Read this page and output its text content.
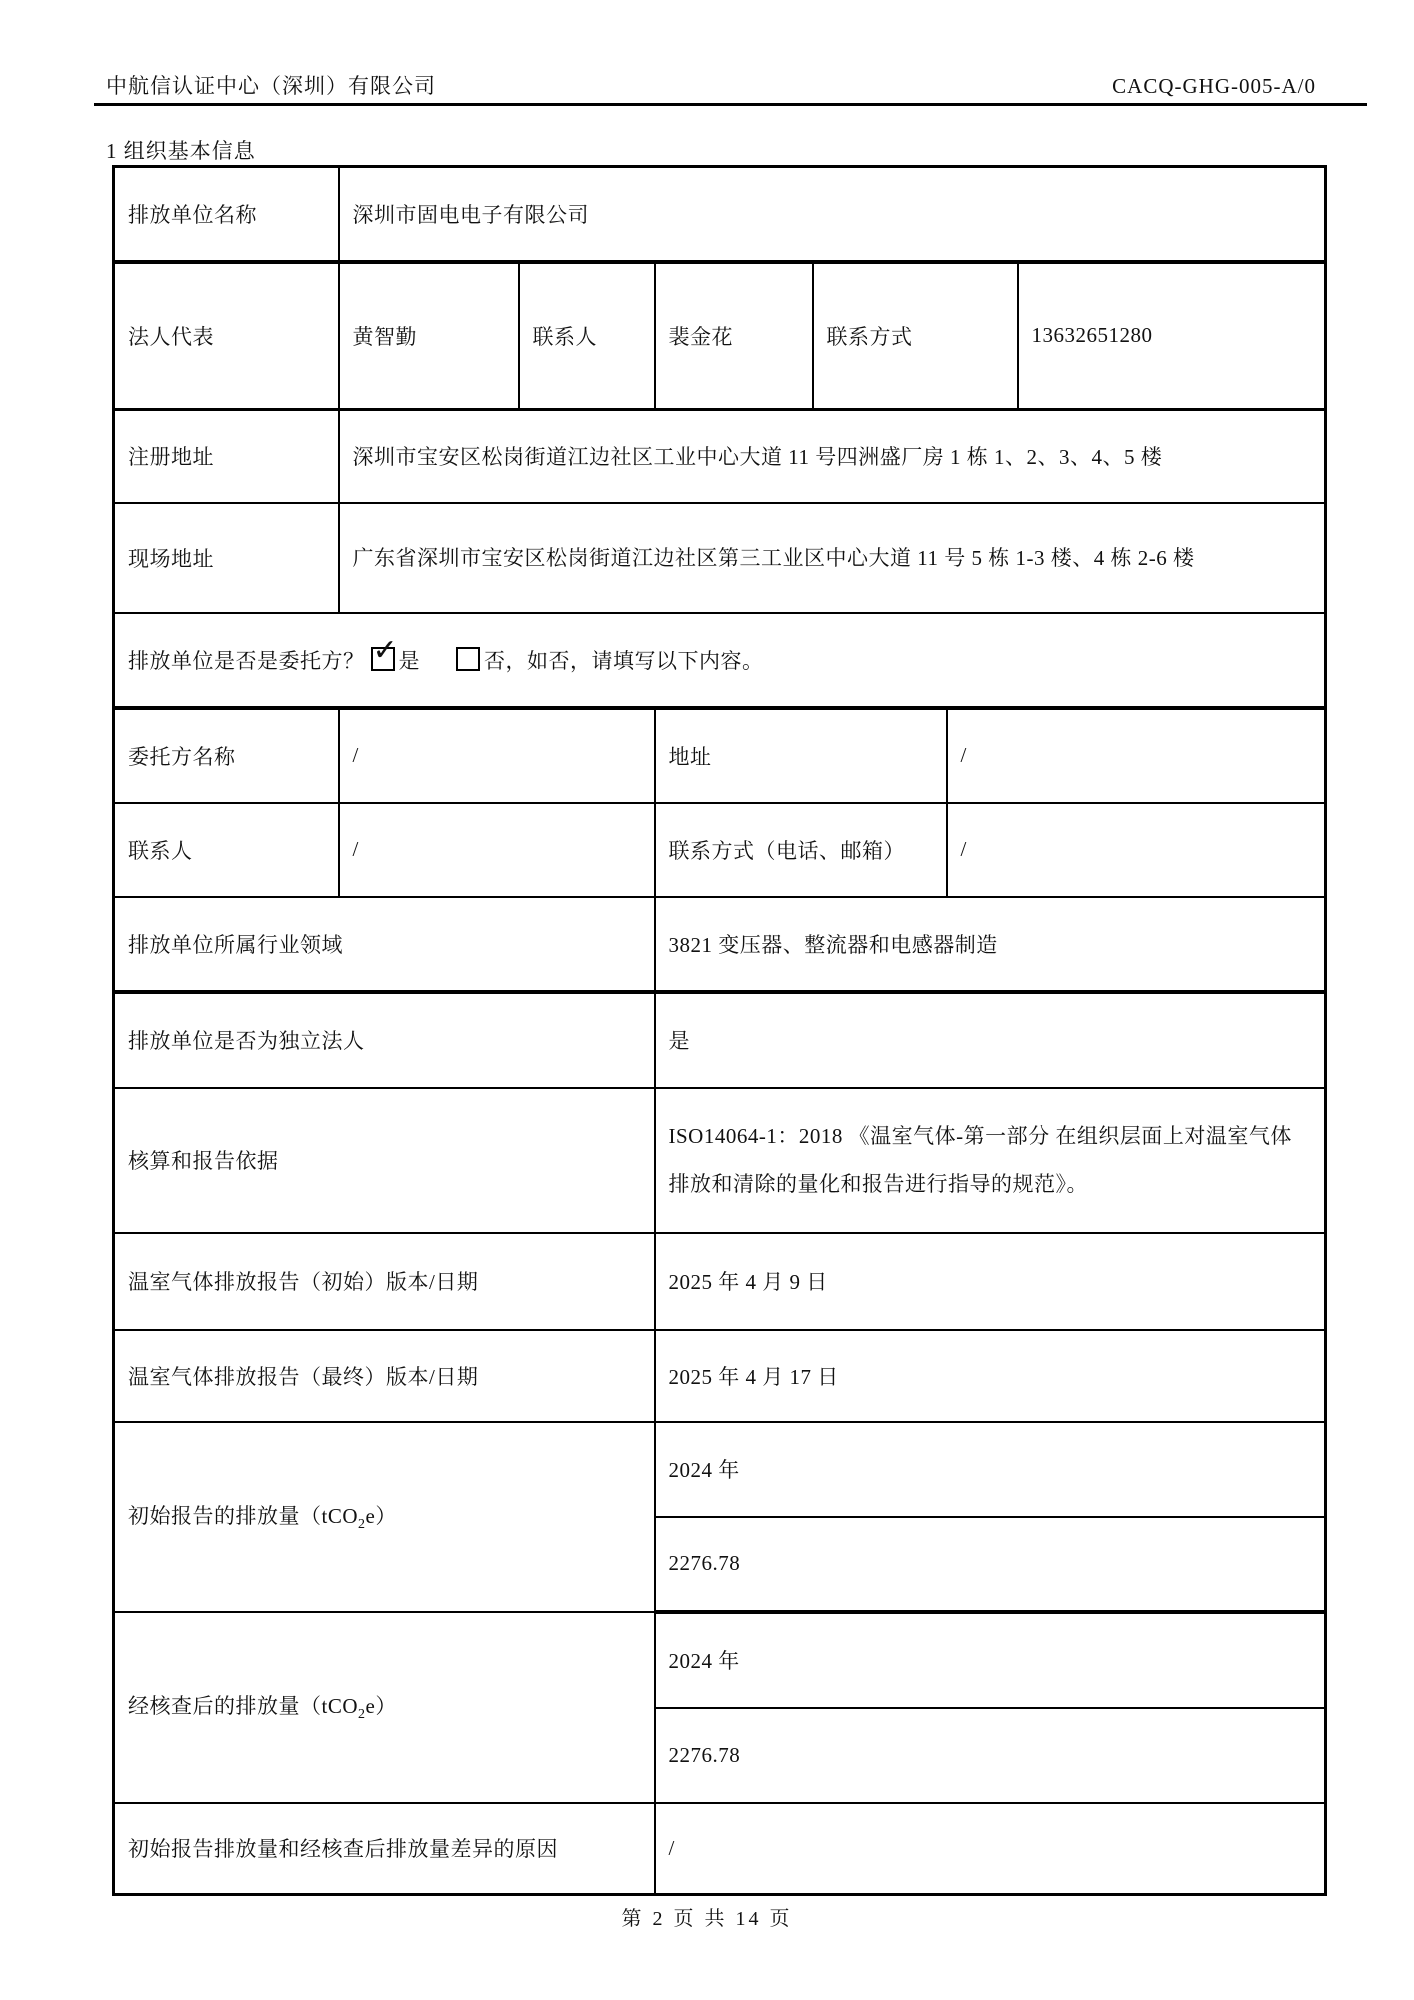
中航信认证中心（深圳）有限公司	CACQ-GHG-005-A/0
1 组织基本信息
排放单位名称	深圳市固电电子有限公司					
法人代表	黄智勤	联系人	裴金花	联系方式		13632651280
注册地址	深圳市宝安区松岗街道江边社区工业中心大道 11 号四洲盛厂房 1 栋 1、2、3、4、5 楼					
现场地址	广东省深圳市宝安区松岗街道江边社区第三工业区中心大道 11 号 5 栋 1-3 楼、4 栋 2-6 楼					
排放单位是否是委托方？ ✓ 是 否，如否，请填写以下内容。						
委托方名称	/		地址		/	
联系人	/		联系方式（电话、邮箱）		/	
排放单位所属行业领域			3821 变压器、整流器和电感器制造			
排放单位是否为独立法人			是			
核算和报告依据			ISO14064-1：2018 《温室气体-第一部分 在组织层面上对温室气体排放和清除的量化和报告进行指导的规范》。			
温室气体排放报告（初始）版本/日期			2025 年 4 月 9 日			
温室气体排放报告（最终）版本/日期			2025 年 4 月 17 日			
初始报告的排放量（tCO$_2$e）			2024 年			
			2276.78			
经核查后的排放量（tCO$_2$e）			2024 年			
			2276.78			
初始报告排放量和经核查后排放量差异的原因			/			
第 2 页 共 14 页
